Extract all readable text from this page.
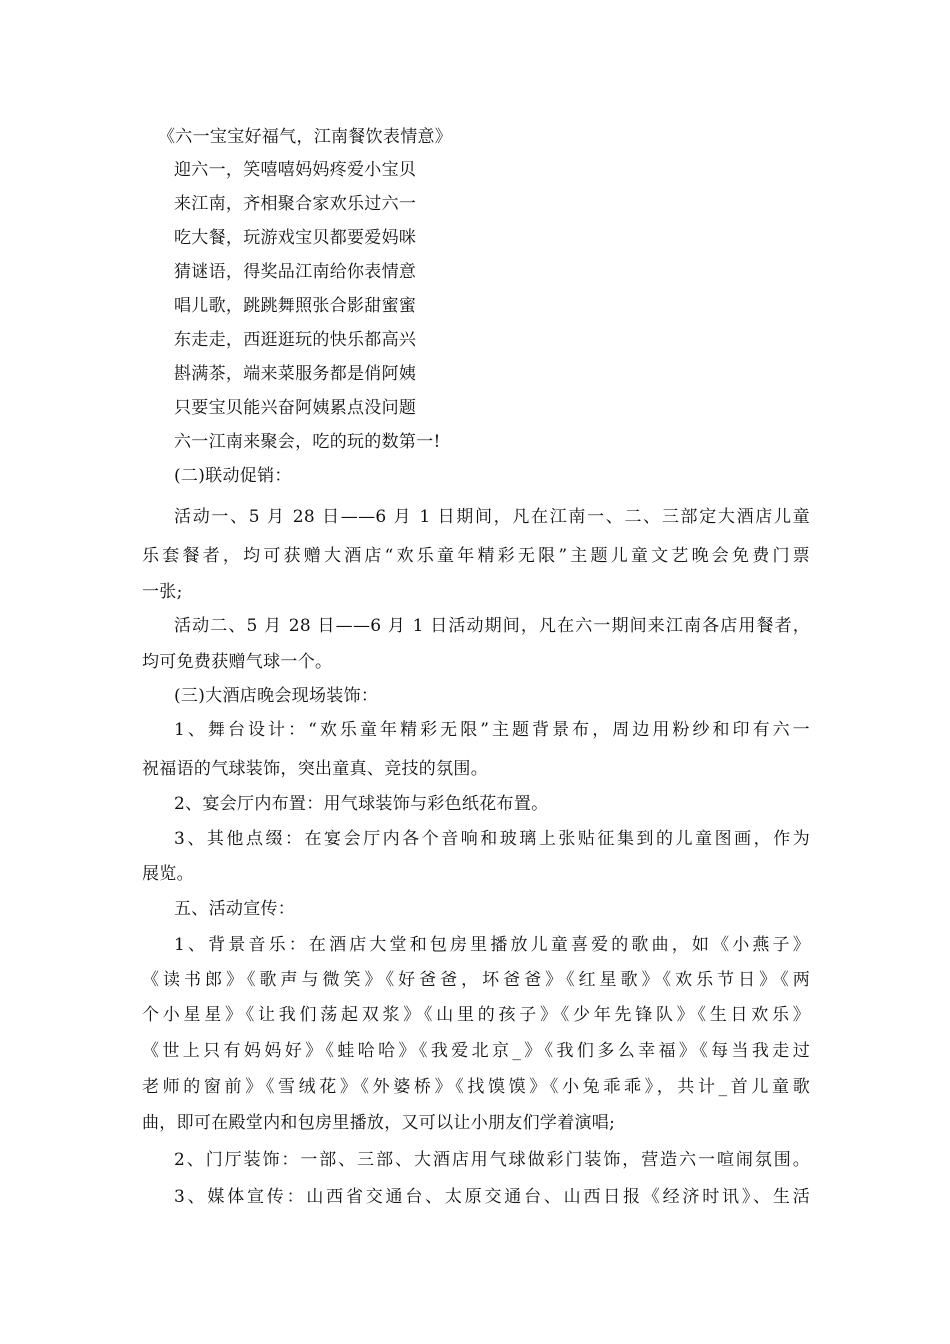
《六一宝宝好福气，江南餐饮表情意》

迎六一，笑嘻嘻妈妈疼爱小宝贝

来江南，齐相聚合家欢乐过六一

吃大餐，玩游戏宝贝都要爱妈咪

猜谜语，得奖品江南给你表情意

唱儿歌，跳跳舞照张合影甜蜜蜜

东走走，西逛逛玩的快乐都高兴

斟满茶，端来菜服务都是俏阿姨

只要宝贝能兴奋阿姨累点没问题

六一江南来聚会，吃的玩的数第一!

(二)联动促销：

活动一、5 月 28 日——6 月 1 日期间，凡在江南一、二、三部定大酒店儿童

乐套餐者，均可获赠大酒店“欢乐童年精彩无限”主题儿童文艺晚会免费门票

一张;

活动二、5 月 28 日——6 月 1 日活动期间，凡在六一期间来江南各店用餐者，

均可免费获赠气球一个。

(三)大酒店晚会现场装饰：

1、舞台设计：“欢乐童年精彩无限”主题背景布，周边用粉纱和印有六一

祝福语的气球装饰，突出童真、竞技的氛围。

2、宴会厅内布置：用气球装饰与彩色纸花布置。

3、其他点缀：在宴会厅内各个音响和玻璃上张贴征集到的儿童图画，作为

展览。

五、活动宣传：

1、背景音乐：在酒店大堂和包房里播放儿童喜爱的歌曲，如《小燕子》

《读书郎》《歌声与微笑》《好爸爸，坏爸爸》《红星歌》《欢乐节日》《两

个小星星》《让我们荡起双浆》《山里的孩子》《少年先锋队》《生日欢乐》

《世上只有妈妈好》《蛙哈哈》《我爱北京_》《我们多么幸福》《每当我走过

老师的窗前》《雪绒花》《外婆桥》《找馍馍》《小兔乖乖》，共计_首儿童歌

曲，即可在殿堂内和包房里播放，又可以让小朋友们学着演唱;

2、门厅装饰：一部、三部、大酒店用气球做彩门装饰，营造六一喧闹氛围。

3、媒体宣传：山西省交通台、太原交通台、山西日报《经济时讯》、生活
